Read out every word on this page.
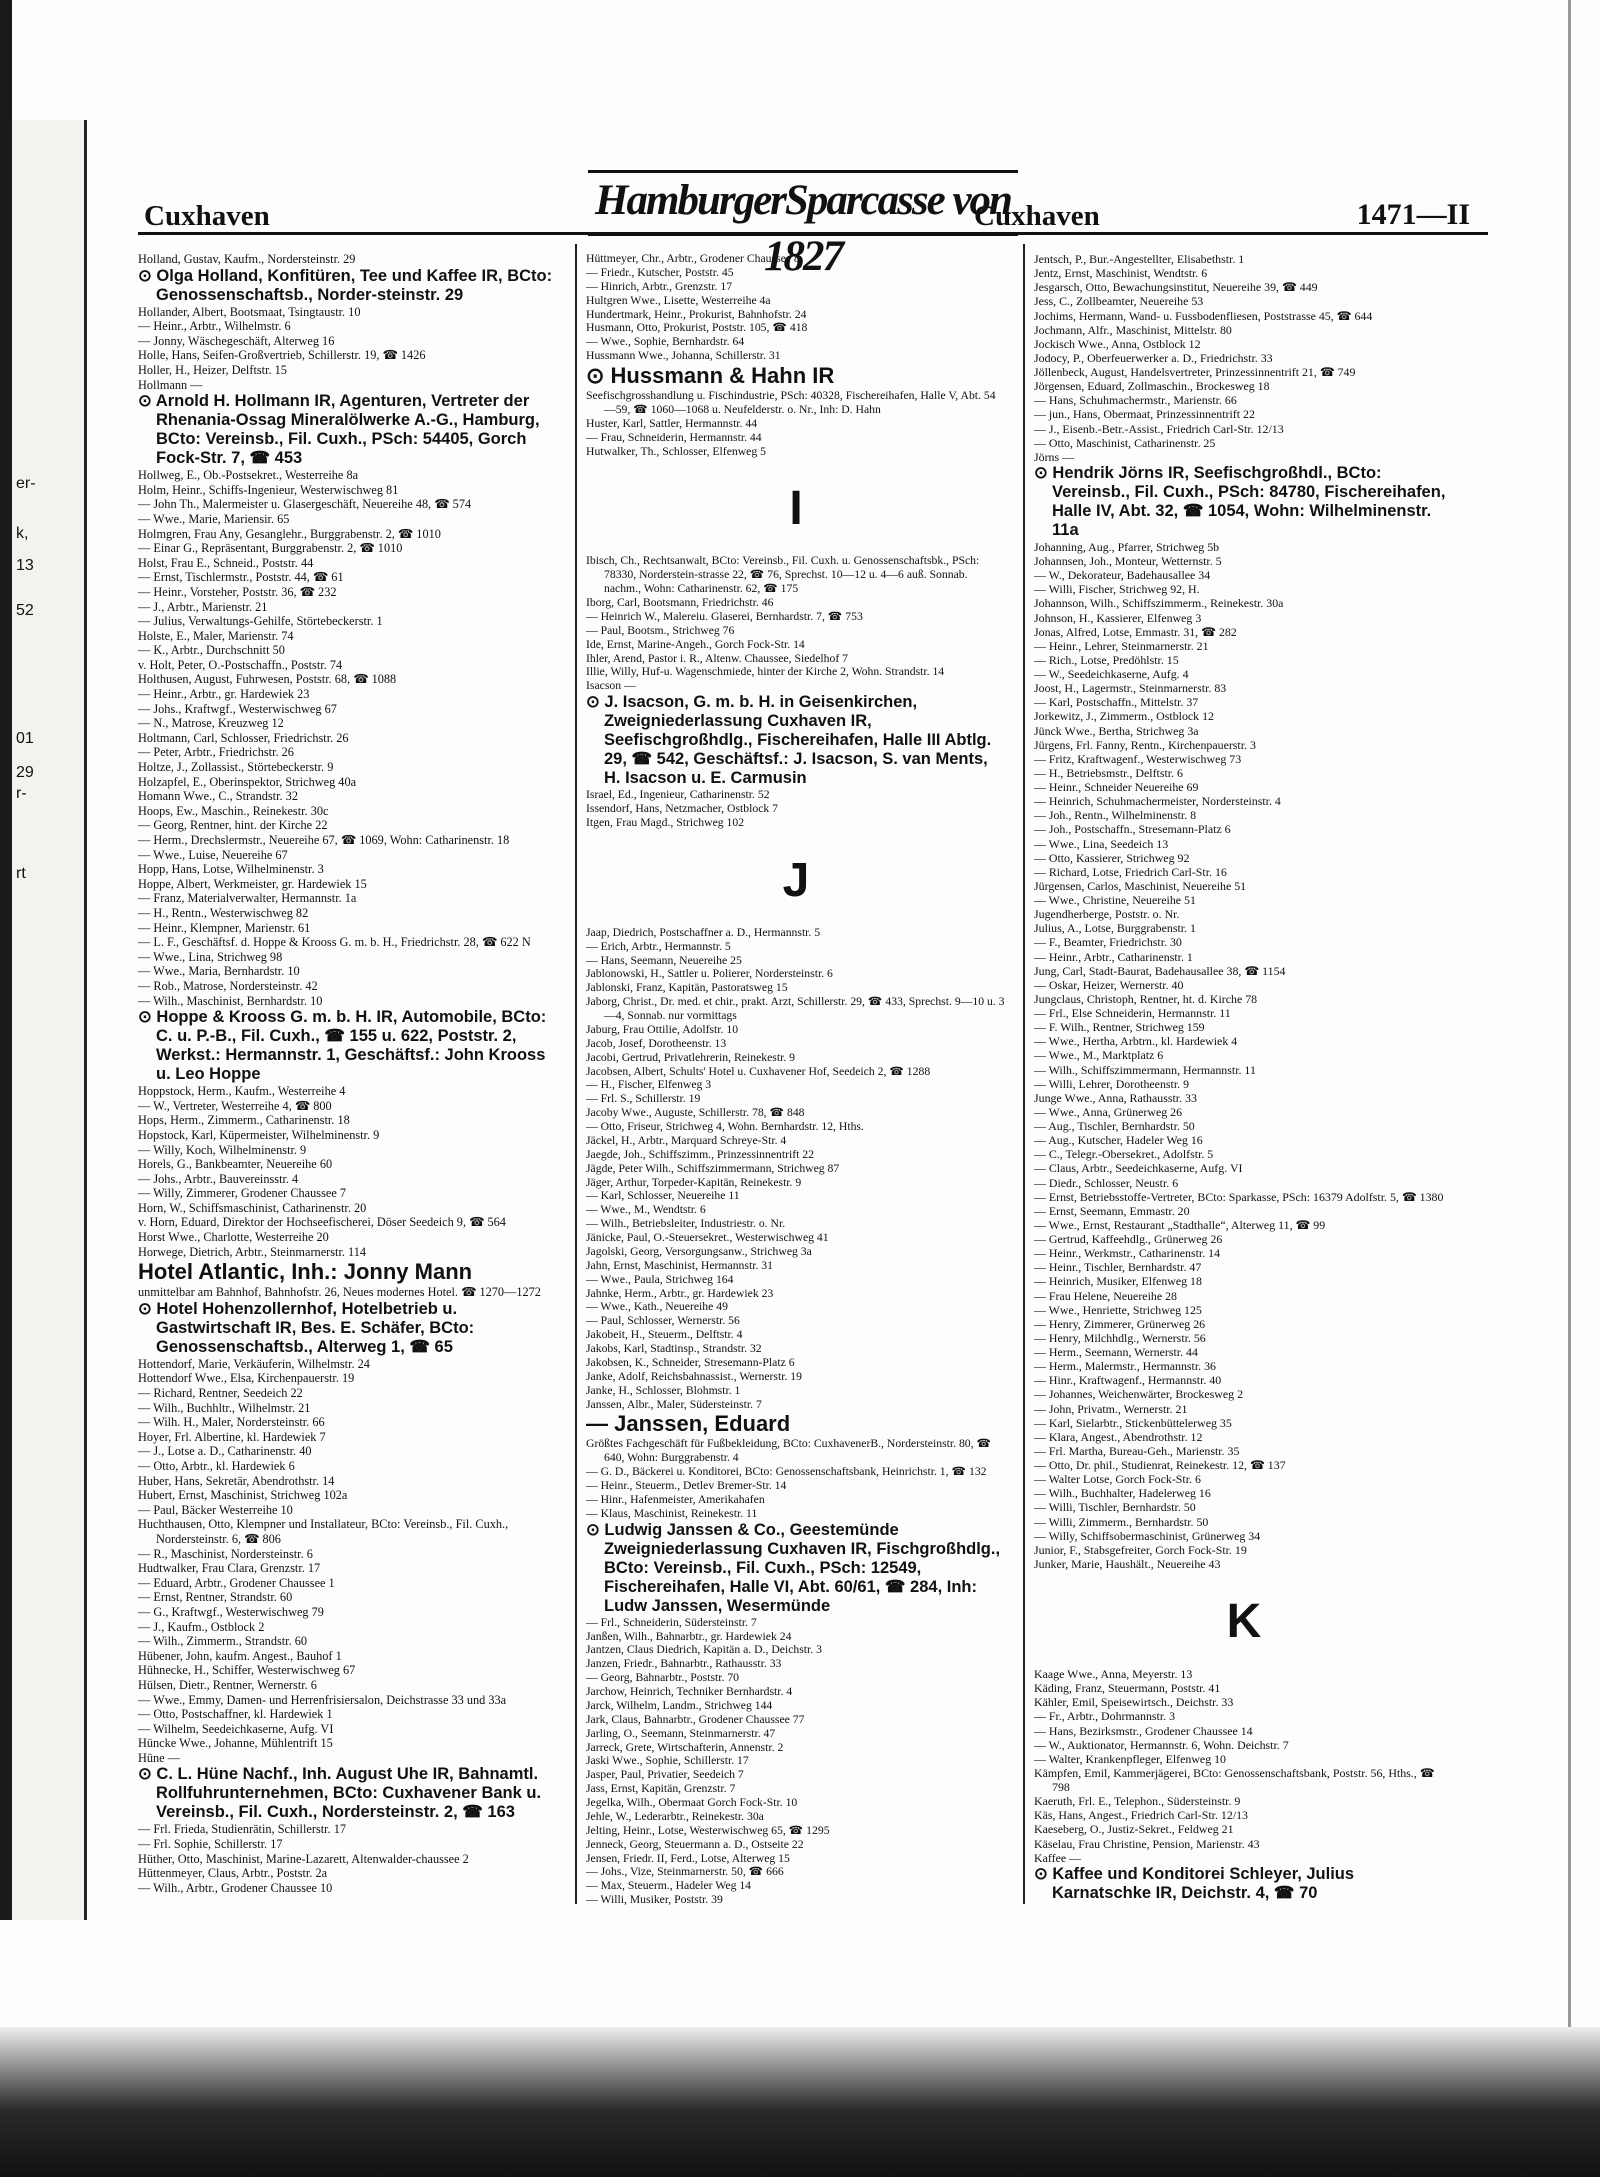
er-
k,
13
52
01
29
r-
rt
Cuxhaven	HamburgerSparcasse von 1827
Cuxhaven	1471—II

Holland, Gustav, Kaufm., Nordersteinstr. 29

⊙ Olga Holland, Konfitüren, Tee und Kaffee IR, BCto: Genossenschaftsb., Norder-steinstr. 29

Hollander, Albert, Bootsmaat, Tsingtaustr. 10

— Heinr., Arbtr., Wilhelmstr. 6

— Jonny, Wäschegeschäft, Alterweg 16

Holle, Hans, Seifen-Großvertrieb, Schillerstr. 19, ☎ 1426

Holler, H., Heizer, Delftstr. 15

Hollmann —

⊙ Arnold H. Hollmann IR, Agenturen, Vertreter der Rhenania-Ossag Mineralölwerke A.-G., Hamburg, BCto: Vereinsb., Fil. Cuxh., PSch: 54405, Gorch Fock-Str. 7, ☎ 453

Hollweg, E., Ob.-Postsekret., Westerreihe 8a

Holm, Heinr., Schiffs-Ingenieur, Westerwischweg 81

— John Th., Malermeister u. Glasergeschäft, Neuereihe 48, ☎ 574

— Wwe., Marie, Mariensir. 65

Holmgren, Frau Any, Gesanglehr., Burggrabenstr. 2, ☎ 1010

— Einar G., Repräsentant, Burggrabenstr. 2, ☎ 1010

Holst, Frau E., Schneid., Poststr. 44

— Ernst, Tischlermstr., Poststr. 44, ☎ 61

— Heinr., Vorsteher, Poststr. 36, ☎ 232

— J., Arbtr., Marienstr. 21

— Julius, Verwaltungs-Gehilfe, Störtebeckerstr. 1

Holste, E., Maler, Marienstr. 74

— K., Arbtr., Durchschnitt 50

v. Holt, Peter, O.-Postschaffn., Poststr. 74

Holthusen, August, Fuhrwesen, Poststr. 68, ☎ 1088

— Heinr., Arbtr., gr. Hardewiek 23

— Johs., Kraftwgf., Westerwischweg 67

— N., Matrose, Kreuzweg 12

Holtmann, Carl, Schlosser, Friedrichstr. 26

— Peter, Arbtr., Friedrichstr. 26

Holtze, J., Zollassist., Störtebeckerstr. 9

Holzapfel, E., Oberinspektor, Strichweg 40a

Homann Wwe., C., Strandstr. 32

Hoops, Ew., Maschin., Reinekestr. 30c

— Georg, Rentner, hint. der Kirche 22

— Herm., Drechslermstr., Neuereihe 67, ☎ 1069, Wohn: Catharinenstr. 18

— Wwe., Luise, Neuereihe 67

Hopp, Hans, Lotse, Wilhelminenstr. 3

Hoppe, Albert, Werkmeister, gr. Hardewiek 15

— Franz, Materialverwalter, Hermannstr. 1a

— H., Rentn., Westerwischweg 82

— Heinr., Klempner, Marienstr. 61

— L. F., Geschäftsf. d. Hoppe & Krooss G. m. b. H., Friedrichstr. 28, ☎ 622 N

— Wwe., Lina, Strichweg 98

— Wwe., Maria, Bernhardstr. 10

— Rob., Matrose, Nordersteinstr. 42

— Wilh., Maschinist, Bernhardstr. 10

⊙ Hoppe & Krooss G. m. b. H. IR, Automobile, BCto: C. u. P.-B., Fil. Cuxh., ☎ 155 u. 622, Poststr. 2, Werkst.: Hermannstr. 1, Geschäftsf.: John Krooss u. Leo Hoppe

Hoppstock, Herm., Kaufm., Westerreihe 4

— W., Vertreter, Westerreihe 4, ☎ 800

Hops, Herm., Zimmerm., Catharinenstr. 18

Hopstock, Karl, Küpermeister, Wilhelminenstr. 9

— Willy, Koch, Wilhelminenstr. 9

Horels, G., Bankbeamter, Neuereihe 60

— Johs., Arbtr., Bauvereinsstr. 4

— Willy, Zimmerer, Grodener Chaussee 7

Horn, W., Schiffsmaschinist, Catharinenstr. 20

v. Horn, Eduard, Direktor der Hochseefischerei, Döser Seedeich 9, ☎ 564

Horst Wwe., Charlotte, Westerreihe 20

Horwege, Dietrich, Arbtr., Steinmarnerstr. 114

Hotel Atlantic, Inh.: Jonny Mann

unmittelbar am Bahnhof, Bahnhofstr. 26, Neues modernes Hotel. ☎ 1270—1272

⊙ Hotel Hohenzollernhof, Hotelbetrieb u. Gastwirtschaft IR, Bes. E. Schäfer, BCto: Genossenschaftsb., Alterweg 1, ☎ 65

Hottendorf, Marie, Verkäuferin, Wilhelmstr. 24

Hottendorf Wwe., Elsa, Kirchenpauerstr. 19

— Richard, Rentner, Seedeich 22

— Wilh., Buchhltr., Wilhelmstr. 21

— Wilh. H., Maler, Nordersteinstr. 66

Hoyer, Frl. Albertine, kl. Hardewiek 7

— J., Lotse a. D., Catharinenstr. 40

— Otto, Arbtr., kl. Hardewiek 6

Huber, Hans, Sekretär, Abendrothstr. 14

Hubert, Ernst, Maschinist, Strichweg 102a

— Paul, Bäcker Westerreihe 10

Huchthausen, Otto, Klempner und Installateur, BCto: Vereinsb., Fil. Cuxh., Nordersteinstr. 6, ☎ 806

— R., Maschinist, Nordersteinstr. 6

Hudtwalker, Frau Clara, Grenzstr. 17

— Eduard, Arbtr., Grodener Chaussee 1

— Ernst, Rentner, Strandstr. 60

— G., Kraftwgf., Westerwischweg 79

— J., Kaufm., Ostblock 2

— Wilh., Zimmerm., Strandstr. 60

Hübener, John, kaufm. Angest., Bauhof 1

Hühnecke, H., Schiffer, Westerwischweg 67

Hülsen, Dietr., Rentner, Wernerstr. 6

— Wwe., Emmy, Damen- und Herrenfrisiersalon, Deichstrasse 33 und 33a

— Otto, Postschaffner, kl. Hardewiek 1

— Wilhelm, Seedeichkaserne, Aufg. VI

Hüncke Wwe., Johanne, Mühlentrift 15

Hüne —

⊙ C. L. Hüne Nachf., Inh. August Uhe IR, Bahnamtl. Rollfuhrunternehmen, BCto: Cuxhavener Bank u. Vereinsb., Fil. Cuxh., Nordersteinstr. 2, ☎ 163

— Frl. Frieda, Studienrätin, Schillerstr. 17

— Frl. Sophie, Schillerstr. 17

Hüther, Otto, Maschinist, Marine-Lazarett, Altenwalder-chaussee 2

Hüttenmeyer, Claus, Arbtr., Poststr. 2a

— Wilh., Arbtr., Grodener Chaussee 10

Hüttmeyer, Chr., Arbtr., Grodener Chaussee 8

— Friedr., Kutscher, Poststr. 45

— Hinrich, Arbtr., Grenzstr. 17

Hultgren Wwe., Lisette, Westerreihe 4a

Hundertmark, Heinr., Prokurist, Bahnhofstr. 24

Husmann, Otto, Prokurist, Poststr. 105, ☎ 418

— Wwe., Sophie, Bernhardstr. 64

Hussmann Wwe., Johanna, Schillerstr. 31

⊙ Hussmann & Hahn IR

Seefischgrosshandlung u. Fischindustrie, PSch: 40328, Fischereihafen, Halle V, Abt. 54—59, ☎ 1060—1068 u. Neufelderstr. o. Nr., Inh: D. Hahn

Huster, Karl, Sattler, Hermannstr. 44

— Frau, Schneiderin, Hermannstr. 44

Hutwalker, Th., Schlosser, Elfenweg 5

I

Ibisch, Ch., Rechtsanwalt, BCto: Vereinsb., Fil. Cuxh. u. Genossenschaftsbk., PSch: 78330, Norderstein-strasse 22, ☎ 76, Sprechst. 10—12 u. 4—6 auß. Sonnab. nachm., Wohn: Catharinenstr. 62, ☎ 175

Iborg, Carl, Bootsmann, Friedrichstr. 46

— Heinrich W., Malereiu. Glaserei, Bernhardstr. 7, ☎ 753

— Paul, Bootsm., Strichweg 76

Ide, Ernst, Marine-Angeh., Gorch Fock-Str. 14

Ihler, Arend, Pastor i. R., Altenw. Chaussee, Siedelhof 7

Illie, Willy, Huf-u. Wagenschmiede, hinter der Kirche 2, Wohn. Strandstr. 14

Isacson —

⊙ J. Isacson, G. m. b. H. in Geisenkirchen, Zweigniederlassung Cuxhaven IR, Seefischgroßhdlg., Fischereihafen, Halle III Abtlg. 29, ☎ 542, Geschäftsf.: J. Isacson, S. van Ments, H. Isacson u. E. Carmusin

Israel, Ed., Ingenieur, Catharinenstr. 52

Issendorf, Hans, Netzmacher, Ostblock 7

Itgen, Frau Magd., Strichweg 102

J

Jaap, Diedrich, Postschaffner a. D., Hermannstr. 5

— Erich, Arbtr., Hermannstr. 5

— Hans, Seemann, Neuereihe 25

Jablonowski, H., Sattler u. Polierer, Nordersteinstr. 6

Jablonski, Franz, Kapitän, Pastoratsweg 15

Jaborg, Christ., Dr. med. et chir., prakt. Arzt, Schillerstr. 29, ☎ 433, Sprechst. 9—10 u. 3—4, Sonnab. nur vormittags

Jaburg, Frau Ottilie, Adolfstr. 10

Jacob, Josef, Dorotheenstr. 13

Jacobi, Gertrud, Privatlehrerin, Reinekestr. 9

Jacobsen, Albert, Schults' Hotel u. Cuxhavener Hof, Seedeich 2, ☎ 1288

— H., Fischer, Elfenweg 3

— Frl. S., Schillerstr. 19

Jacoby Wwe., Auguste, Schillerstr. 78, ☎ 848

— Otto, Friseur, Strichweg 4, Wohn. Bernhardstr. 12, Hths.

Jäckel, H., Arbtr., Marquard Schreye-Str. 4

Jaegde, Joh., Schiffszimm., Prinzessinnentrift 22

Jägde, Peter Wilh., Schiffszimmermann, Strichweg 87

Jäger, Arthur, Torpeder-Kapitän, Reinekestr. 9

— Karl, Schlosser, Neuereihe 11

— Wwe., M., Wendtstr. 6

— Wilh., Betriebsleiter, Industriestr. o. Nr.

Jänicke, Paul, O.-Steuersekret., Westerwischweg 41

Jagolski, Georg, Versorgungsanw., Strichweg 3a

Jahn, Ernst, Maschinist, Hermannstr. 31

— Wwe., Paula, Strichweg 164

Jahnke, Herm., Arbtr., gr. Hardewiek 23

— Wwe., Kath., Neuereihe 49

— Paul, Schlosser, Wernerstr. 56

Jakobeit, H., Steuerm., Delftstr. 4

Jakobs, Karl, Stadtinsp., Strandstr. 32

Jakobsen, K., Schneider, Stresemann-Platz 6

Janke, Adolf, Reichsbahnassist., Wernerstr. 19

Janke, H., Schlosser, Blohmstr. 1

Janssen, Albr., Maler, Südersteinstr. 7

— Janssen, Eduard

Größtes Fachgeschäft für Fußbekleidung, BCto: CuxhavenerB., Nordersteinstr. 80, ☎ 640, Wohn: Burggrabenstr. 4

— G. D., Bäckerei u. Konditorei, BCto: Genossenschaftsbank, Heinrichstr. 1, ☎ 132

— Heinr., Steuerm., Detlev Bremer-Str. 14

— Hinr., Hafenmeister, Amerikahafen

— Klaus, Maschinist, Reinekestr. 11

⊙ Ludwig Janssen & Co., Geestemünde Zweigniederlassung Cuxhaven IR, Fischgroßhdlg., BCto: Vereinsb., Fil. Cuxh., PSch: 12549, Fischereihafen, Halle VI, Abt. 60/61, ☎ 284, Inh: Ludw Janssen, Wesermünde

— Frl., Schneiderin, Südersteinstr. 7

Janßen, Wilh., Bahnarbtr., gr. Hardewiek 24

Jantzen, Claus Diedrich, Kapitän a. D., Deichstr. 3

Janzen, Friedr., Bahnarbtr., Rathausstr. 33

— Georg, Bahnarbtr., Poststr. 70

Jarchow, Heinrich, Techniker Bernhardstr. 4

Jarck, Wilhelm, Landm., Strichweg 144

Jark, Claus, Bahnarbtr., Grodener Chaussee 77

Jarling, O., Seemann, Steinmarnerstr. 47

Jarreck, Grete, Wirtschafterin, Annenstr. 2

Jaski Wwe., Sophie, Schillerstr. 17

Jasper, Paul, Privatier, Seedeich 7

Jass, Ernst, Kapitän, Grenzstr. 7

Jegelka, Wilh., Obermaat Gorch Fock-Str. 10

Jehle, W., Lederarbtr., Reinekestr. 30a

Jelting, Heinr., Lotse, Westerwischweg 65, ☎ 1295

Jenneck, Georg, Steuermann a. D., Ostseite 22

Jensen, Friedr. II, Ferd., Lotse, Alterweg 15

— Johs., Vize, Steinmarnerstr. 50, ☎ 666

— Max, Steuerm., Hadeler Weg 14

— Willi, Musiker, Poststr. 39

Jentsch, P., Bur.-Angestellter, Elisabethstr. 1

Jentz, Ernst, Maschinist, Wendtstr. 6

Jesgarsch, Otto, Bewachungsinstitut, Neuereihe 39, ☎ 449

Jess, C., Zollbeamter, Neuereihe 53

Jochims, Hermann, Wand- u. Fussbodenfliesen, Poststrasse 45, ☎ 644

Jochmann, Alfr., Maschinist, Mittelstr. 80

Jockisch Wwe., Anna, Ostblock 12

Jodocy, P., Oberfeuerwerker a. D., Friedrichstr. 33

Jöllenbeck, August, Handelsvertreter, Prinzessinnentrift 21, ☎ 749

Jörgensen, Eduard, Zollmaschin., Brockesweg 18

— Hans, Schuhmachermstr., Marienstr. 66

— jun., Hans, Obermaat, Prinzessinnentrift 22

— J., Eisenb.-Betr.-Assist., Friedrich Carl-Str. 12/13

— Otto, Maschinist, Catharinenstr. 25

Jörns —

⊙ Hendrik Jörns IR, Seefischgroßhdl., BCto: Vereinsb., Fil. Cuxh., PSch: 84780, Fischereihafen, Halle IV, Abt. 32, ☎ 1054, Wohn: Wilhelminenstr. 11a

Johanning, Aug., Pfarrer, Strichweg 5b

Johannsen, Joh., Monteur, Wetternstr. 5

— W., Dekorateur, Badehausallee 34

— Willi, Fischer, Strichweg 92, H.

Johannson, Wilh., Schiffszimmerm., Reinekestr. 30a

Johnson, H., Kassierer, Elfenweg 3

Jonas, Alfred, Lotse, Emmastr. 31, ☎ 282

— Heinr., Lehrer, Steinmarnerstr. 21

— Rich., Lotse, Predöhlstr. 15

— W., Seedeichkaserne, Aufg. 4

Joost, H., Lagermstr., Steinmarnerstr. 83

— Karl, Postschaffn., Mittelstr. 37

Jorkewitz, J., Zimmerm., Ostblock 12

Jünck Wwe., Bertha, Strichweg 3a

Jürgens, Frl. Fanny, Rentn., Kirchenpauerstr. 3

— Fritz, Kraftwagenf., Westerwischweg 73

— H., Betriebsmstr., Delftstr. 6

— Heinr., Schneider Neuereihe 69

— Heinrich, Schuhmachermeister, Nordersteinstr. 4

— Joh., Rentn., Wilhelminenstr. 8

— Joh., Postschaffn., Stresemann-Platz 6

— Wwe., Lina, Seedeich 13

— Otto, Kassierer, Strichweg 92

— Richard, Lotse, Friedrich Carl-Str. 16

Jürgensen, Carlos, Maschinist, Neuereihe 51

— Wwe., Christine, Neuereihe 51

Jugendherberge, Poststr. o. Nr.

Julius, A., Lotse, Burggrabenstr. 1

— F., Beamter, Friedrichstr. 30

— Heinr., Arbtr., Catharinenstr. 1

Jung, Carl, Stadt-Baurat, Badehausallee 38, ☎ 1154

— Oskar, Heizer, Wernerstr. 40

Jungclaus, Christoph, Rentner, ht. d. Kirche 78

— Frl., Else Schneiderin, Hermannstr. 11

— F. Wilh., Rentner, Strichweg 159

— Wwe., Hertha, Arbtrn., kl. Hardewiek 4

— Wwe., M., Marktplatz 6

— Wilh., Schiffszimmermann, Hermannstr. 11

— Willi, Lehrer, Dorotheenstr. 9

Junge Wwe., Anna, Rathausstr. 33

— Wwe., Anna, Grünerweg 26

— Aug., Tischler, Bernhardstr. 50

— Aug., Kutscher, Hadeler Weg 16

— C., Telegr.-Obersekret., Adolfstr. 5

— Claus, Arbtr., Seedeichkaserne, Aufg. VI

— Diedr., Schlosser, Neustr. 6

— Ernst, Betriebsstoffe-Vertreter, BCto: Sparkasse, PSch: 16379 Adolfstr. 5, ☎ 1380

— Ernst, Seemann, Emmastr. 20

— Wwe., Ernst, Restaurant „Stadthalle“, Alterweg 11, ☎ 99

— Gertrud, Kaffeehdlg., Grünerweg 26

— Heinr., Werkmstr., Catharinenstr. 14

— Heinr., Tischler, Bernhardstr. 47

— Heinrich, Musiker, Elfenweg 18

— Frau Helene, Neuereihe 28

— Wwe., Henriette, Strichweg 125

— Henry, Zimmerer, Grünerweg 26

— Henry, Milchhdlg., Wernerstr. 56

— Herm., Seemann, Wernerstr. 44

— Herm., Malermstr., Hermannstr. 36

— Hinr., Kraftwagenf., Hermannstr. 40

— Johannes, Weichenwärter, Brockesweg 2

— John, Privatm., Wernerstr. 21

— Karl, Sielarbtr., Stickenbüttelerweg 35

— Klara, Angest., Abendrothstr. 12

— Frl. Martha, Bureau-Geh., Marienstr. 35

— Otto, Dr. phil., Studienrat, Reinekestr. 12, ☎ 137

— Walter Lotse, Gorch Fock-Str. 6

— Wilh., Buchhalter, Hadelerweg 16

— Willi, Tischler, Bernhardstr. 50

— Willi, Zimmerm., Bernhardstr. 50

— Willy, Schiffsobermaschinist, Grünerweg 34

Junior, F., Stabsgefreiter, Gorch Fock-Str. 19

Junker, Marie, Haushält., Neuereihe 43

K

Kaage Wwe., Anna, Meyerstr. 13

Käding, Franz, Steuermann, Poststr. 41

Kähler, Emil, Speisewirtsch., Deichstr. 33

— Fr., Arbtr., Dohrmannstr. 3

— Hans, Bezirksmstr., Grodener Chaussee 14

— W., Auktionator, Hermannstr. 6, Wohn. Deichstr. 7

— Walter, Krankenpfleger, Elfenweg 10

Kämpfen, Emil, Kammerjägerei, BCto: Genossenschaftsbank, Poststr. 56, Hths., ☎ 798

Kaeruth, Frl. E., Telephon., Südersteinstr. 9

Käs, Hans, Angest., Friedrich Carl-Str. 12/13

Kaeseberg, O., Justiz-Sekret., Feldweg 21

Käselau, Frau Christine, Pension, Marienstr. 43

Kaffee —

⊙ Kaffee und Konditorei Schleyer, Julius Karnatschke IR, Deichstr. 4, ☎ 70
